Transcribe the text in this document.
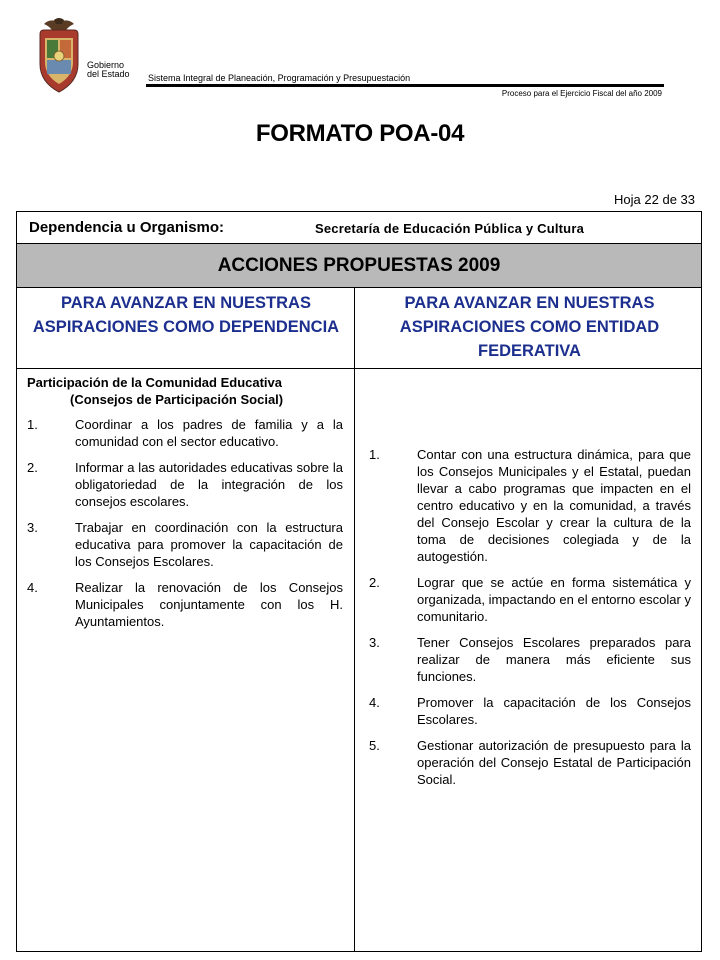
Gobierno
del Estado Sistema Integral de Planeación, Programación y Presupuestación
Proceso para el Ejercicio Fiscal del año 2009
FORMATO POA-04
Hoja 22 de 33
Dependencia u Organismo:	Secretaría de Educación Pública y Cultura
ACCIONES PROPUESTAS 2009
PARA AVANZAR EN NUESTRAS ASPIRACIONES COMO DEPENDENCIA
PARA AVANZAR EN NUESTRAS ASPIRACIONES COMO ENTIDAD FEDERATIVA
Participación de la Comunidad Educativa
(Consejos de Participación Social)
1.	Coordinar a los padres de familia y a la comunidad con el sector educativo.
2.	Informar a las autoridades educativas sobre la obligatoriedad de la integración de los consejos escolares.
3.	Trabajar en coordinación con la estructura educativa para promover la capacitación de los Consejos Escolares.
4.	Realizar la renovación de los Consejos Municipales conjuntamente con los H. Ayuntamientos.
1.	Contar con una estructura dinámica, para que los Consejos Municipales y el Estatal, puedan llevar a cabo programas que impacten en el centro educativo y en la comunidad, a través del Consejo Escolar y crear la cultura de la toma de decisiones colegiada y de la autogestión.
2.	Lograr que se actúe en forma sistemática y organizada, impactando en el entorno escolar y comunitario.
3.	Tener Consejos Escolares preparados para realizar de manera más eficiente sus funciones.
4.	Promover la capacitación de los Consejos Escolares.
5.	Gestionar autorización de presupuesto para la operación del Consejo Estatal de Participación Social.
